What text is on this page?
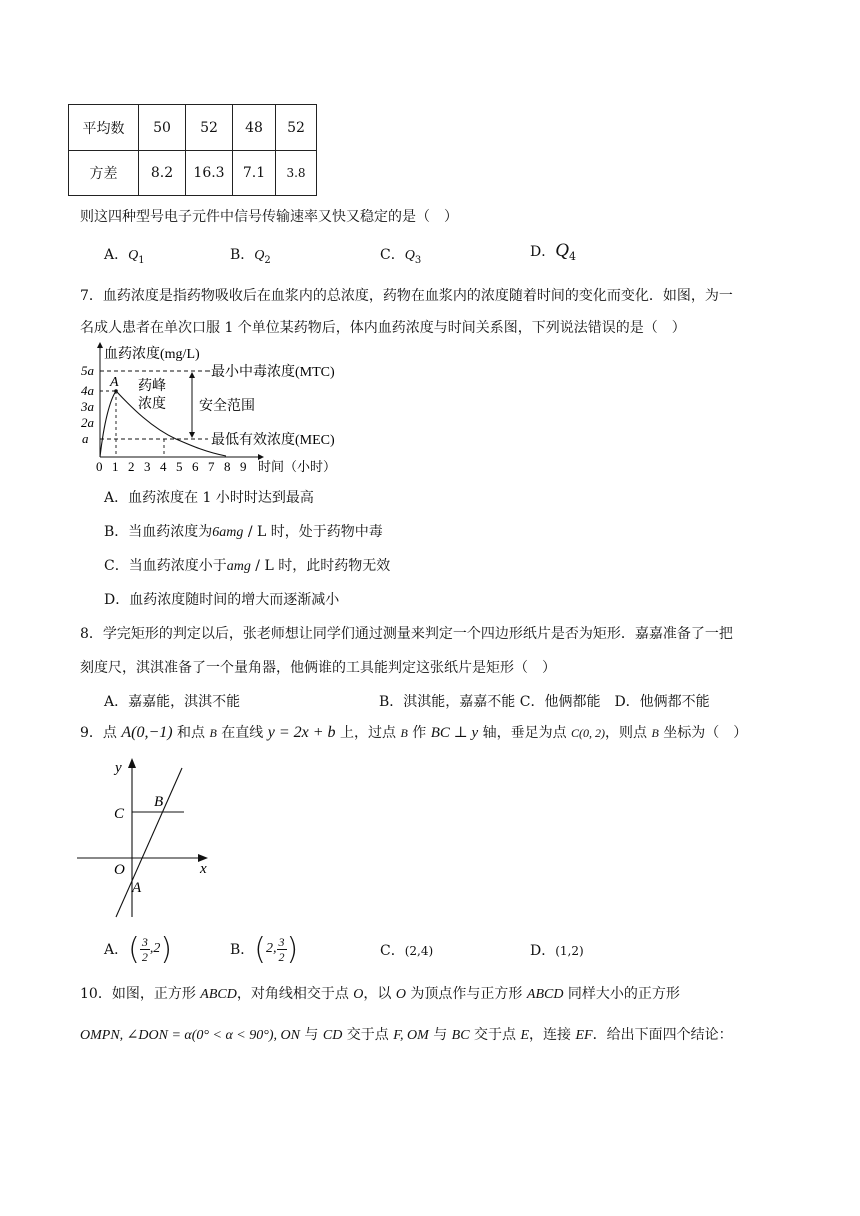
平均数	50	52	48	52
方差	8.2	16.3	7.1	3.8
则这四种型号电子元件中信号传输速率又快又稳定的是（　）
A．$Q_1$	B．$Q_2$	C．$Q_3$
D．$Q_4$
7．血药浓度是指药物吸收后在血浆内的总浓度，药物在血浆内的浓度随着时间的变化而变化．如图，为一
名成人患者在单次口服 1 个单位某药物后，体内血药浓度与时间关系图，下列说法错误的是（　）
血药浓度(mg/L)
时间（小时）
a
2a
3a
4a
5a
0 1 2 3 4 5 6 7 8 9
最小中毒浓度(MTC)
最低有效浓度(MEC)
A 药峰
浓度 安全范围
A．血药浓度在 1 小时时达到最高
B．当血药浓度为6amg / L 时，处于药物中毒
C．当血药浓度小于amg / L 时，此时药物无效
D．血药浓度随时间的增大而逐渐减小
8．学完矩形的判定以后，张老师想让同学们通过测量来判定一个四边形纸片是否为矩形．嘉嘉准备了一把
刻度尺，淇淇准备了一个量角器，他俩谁的工具能判定这张纸片是矩形（　）
A．嘉嘉能，淇淇不能	B．淇淇能，嘉嘉不能 C．他俩都能　D．他俩都不能
9．点 A(0,−1) 和点 B 在直线 y = 2x + b 上，过点 B 作 BC ⊥ y 轴，垂足为点 C(0, 2)，则点 B 坐标为（　）
y
x
C
B
O
A
A． ( $\frac{3}{2} ,2$ )	B． ( 2, $\frac{3}{2}$ )	C．(2,4)	D．(1,2)
10．如图，正方形 ABCD，对角线相交于点 O，以 O 为顶点作与正方形 ABCD 同样大小的正方形
OMPN, ∠DON = α(0° < α < 90°), ON 与 CD 交于点 F, OM 与 BC 交于点 E，连接 EF．给出下面四个结论：
